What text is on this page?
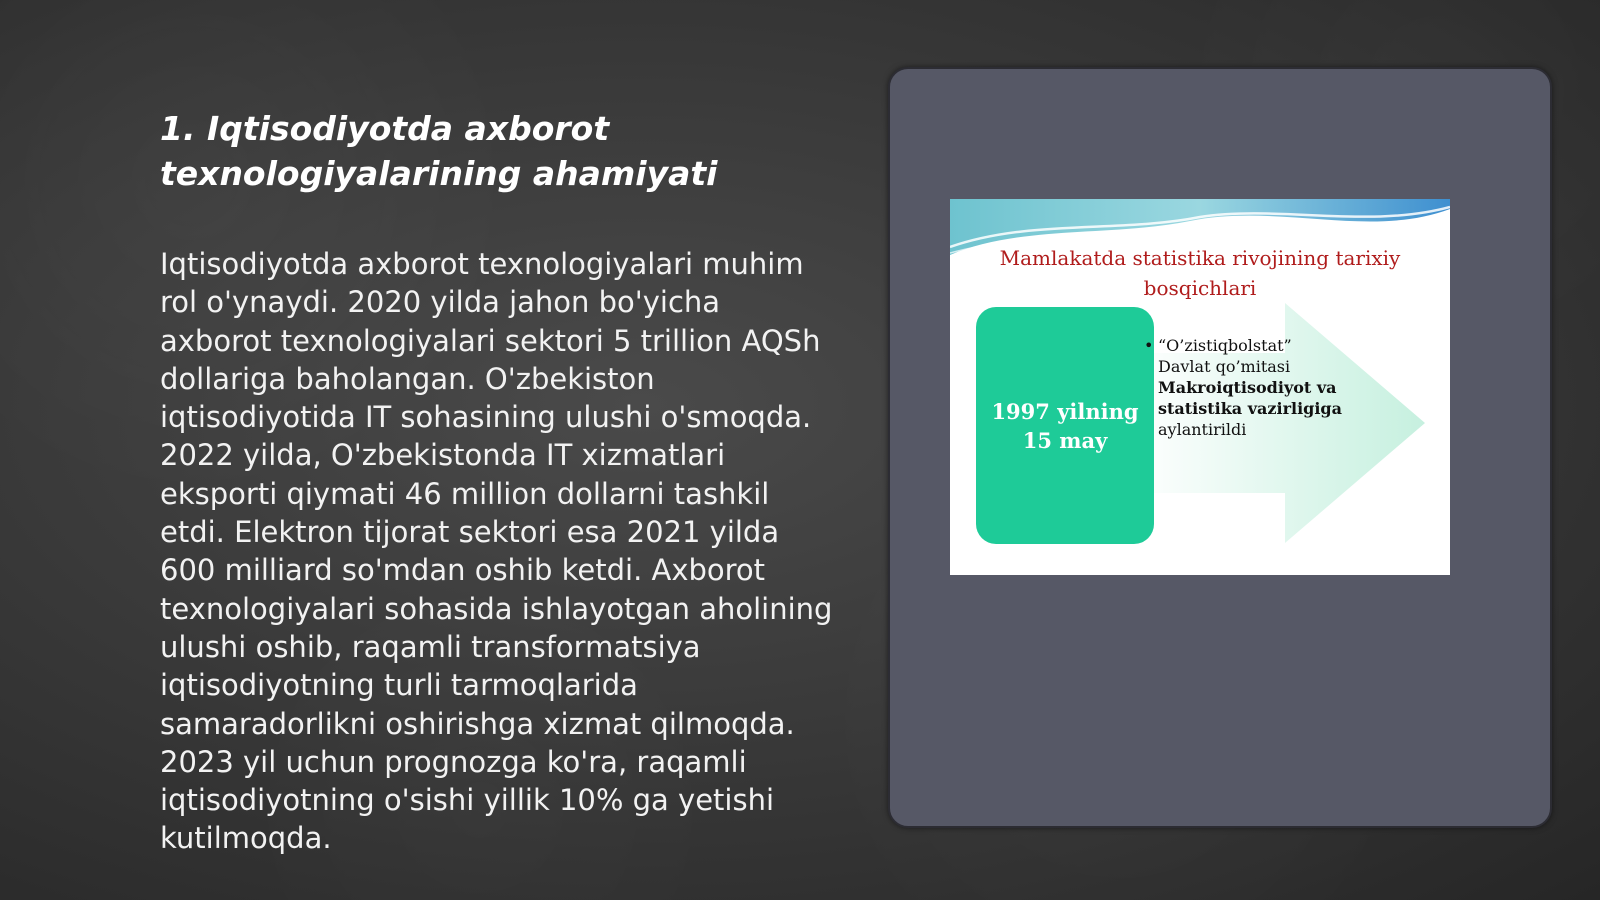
1. Iqtisodiyotda axborot texnologiyalarining ahamiyati

Iqtisodiyotda axborot texnologiyalari muhim rol o'ynaydi. 2020 yilda jahon bo'yicha axborot texnologiyalari sektori 5 trillion AQSh dollariga baholangan. O'zbekiston iqtisodiyotida IT sohasining ulushi o'smoqda. 2022 yilda, O'zbekistonda IT xizmatlari eksporti qiymati 46 million dollarni tashkil etdi. Elektron tijorat sektori esa 2021 yilda 600 milliard so'mdan oshib ketdi. Axborot texnologiyalari sohasida ishlayotgan aholining ulushi oshib, raqamli transformatsiya iqtisodiyotning turli tarmoqlarida samaradorlikni oshirishga xizmat qilmoqda. 2023 yil uchun prognozga ko'ra, raqamli iqtisodiyotning o'sishi yillik 10% ga yetishi kutilmoqda.

Mamlakatda statistika rivojining tarixiy bosqichlari
1997 yilning
15 may
• “O’zistiqbolstat”
Davlat qo’mitasi
Makroiqtisodiyot va statistika vazirligiga
aylantirildi
